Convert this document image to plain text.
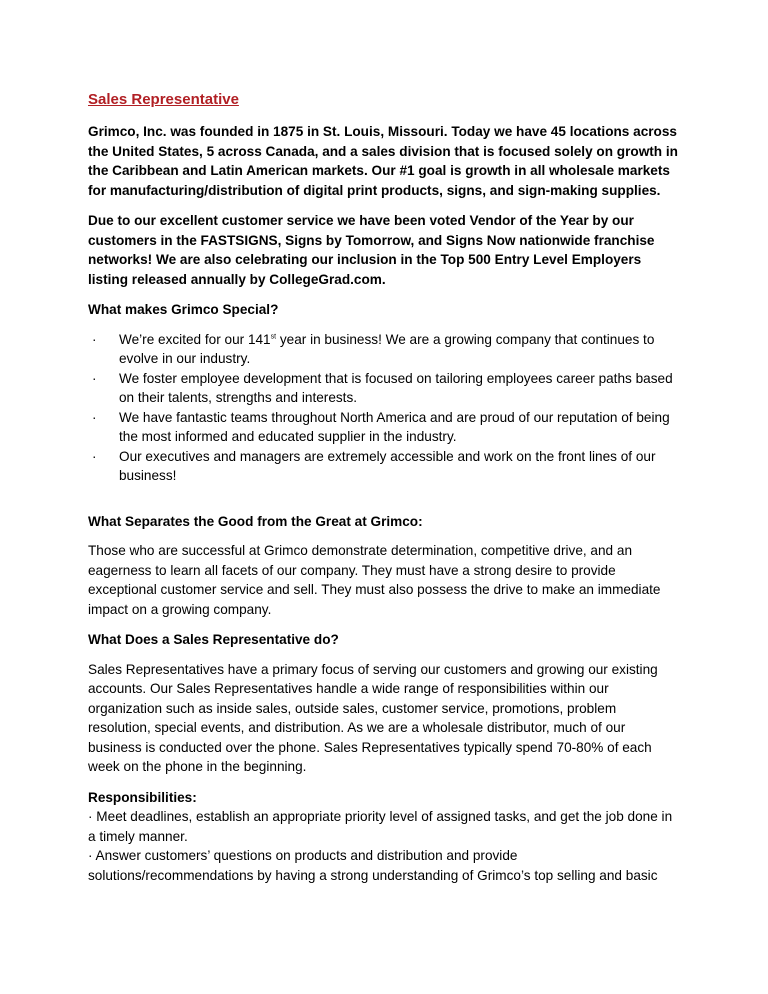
Sales Representative

Grimco, Inc. was founded in 1875 in St. Louis, Missouri. Today we have 45 locations across the United States, 5 across Canada, and a sales division that is focused solely on growth in the Caribbean and Latin American markets. Our #1 goal is growth in all wholesale markets for manufacturing/distribution of digital print products, signs, and sign-making supplies.

Due to our excellent customer service we have been voted Vendor of the Year by our customers in the FASTSIGNS, Signs by Tomorrow, and Signs Now nationwide franchise networks! We are also celebrating our inclusion in the Top 500 Entry Level Employers listing released annually by CollegeGrad.com.

What makes Grimco Special?
· We’re excited for our 141st year in business! We are a growing company that continues to evolve in our industry.
· We foster employee development that is focused on tailoring employees career paths based on their talents, strengths and interests.
· We have fantastic teams throughout North America and are proud of our reputation of being the most informed and educated supplier in the industry.
· Our executives and managers are extremely accessible and work on the front lines of our business!
What Separates the Good from the Great at Grimco:

Those who are successful at Grimco demonstrate determination, competitive drive, and an eagerness to learn all facets of our company. They must have a strong desire to provide exceptional customer service and sell. They must also possess the drive to make an immediate impact on a growing company.

What Does a Sales Representative do?

Sales Representatives have a primary focus of serving our customers and growing our existing accounts. Our Sales Representatives handle a wide range of responsibilities within our organization such as inside sales, outside sales, customer service, promotions, problem resolution, special events, and distribution. As we are a wholesale distributor, much of our business is conducted over the phone. Sales Representatives typically spend 70-80% of each week on the phone in the beginning.

Responsibilities:
· Meet deadlines, establish an appropriate priority level of assigned tasks, and get the job done in a timely manner.
· Answer customers’ questions on products and distribution and provide solutions/recommendations by having a strong understanding of Grimco’s top selling and basic
